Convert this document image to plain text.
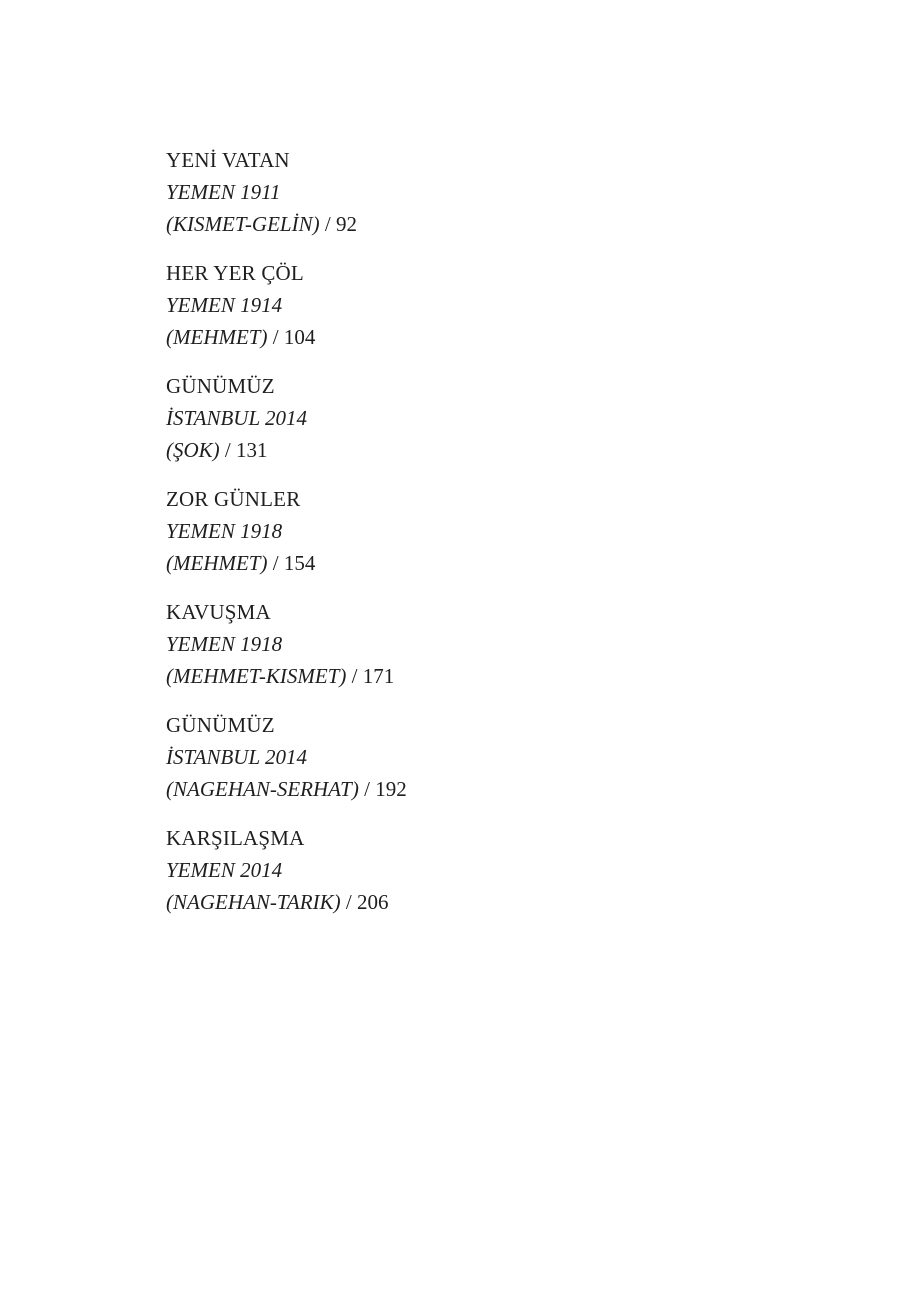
YENİ VATAN
YEMEN 1911
(KISMET-GELİN) / 92
HER YER ÇÖL
YEMEN 1914
(MEHMET) / 104
GÜNÜMÜZ
İSTANBUL 2014
(ŞOK) / 131
ZOR GÜNLER
YEMEN 1918
(MEHMET) / 154
KAVUŞMA
YEMEN 1918
(MEHMET-KISMET) / 171
GÜNÜMÜZ
İSTANBUL 2014
(NAGEHAN-SERHAT) / 192
KARŞILAŞMA
YEMEN 2014
(NAGEHAN-TARIK) / 206
